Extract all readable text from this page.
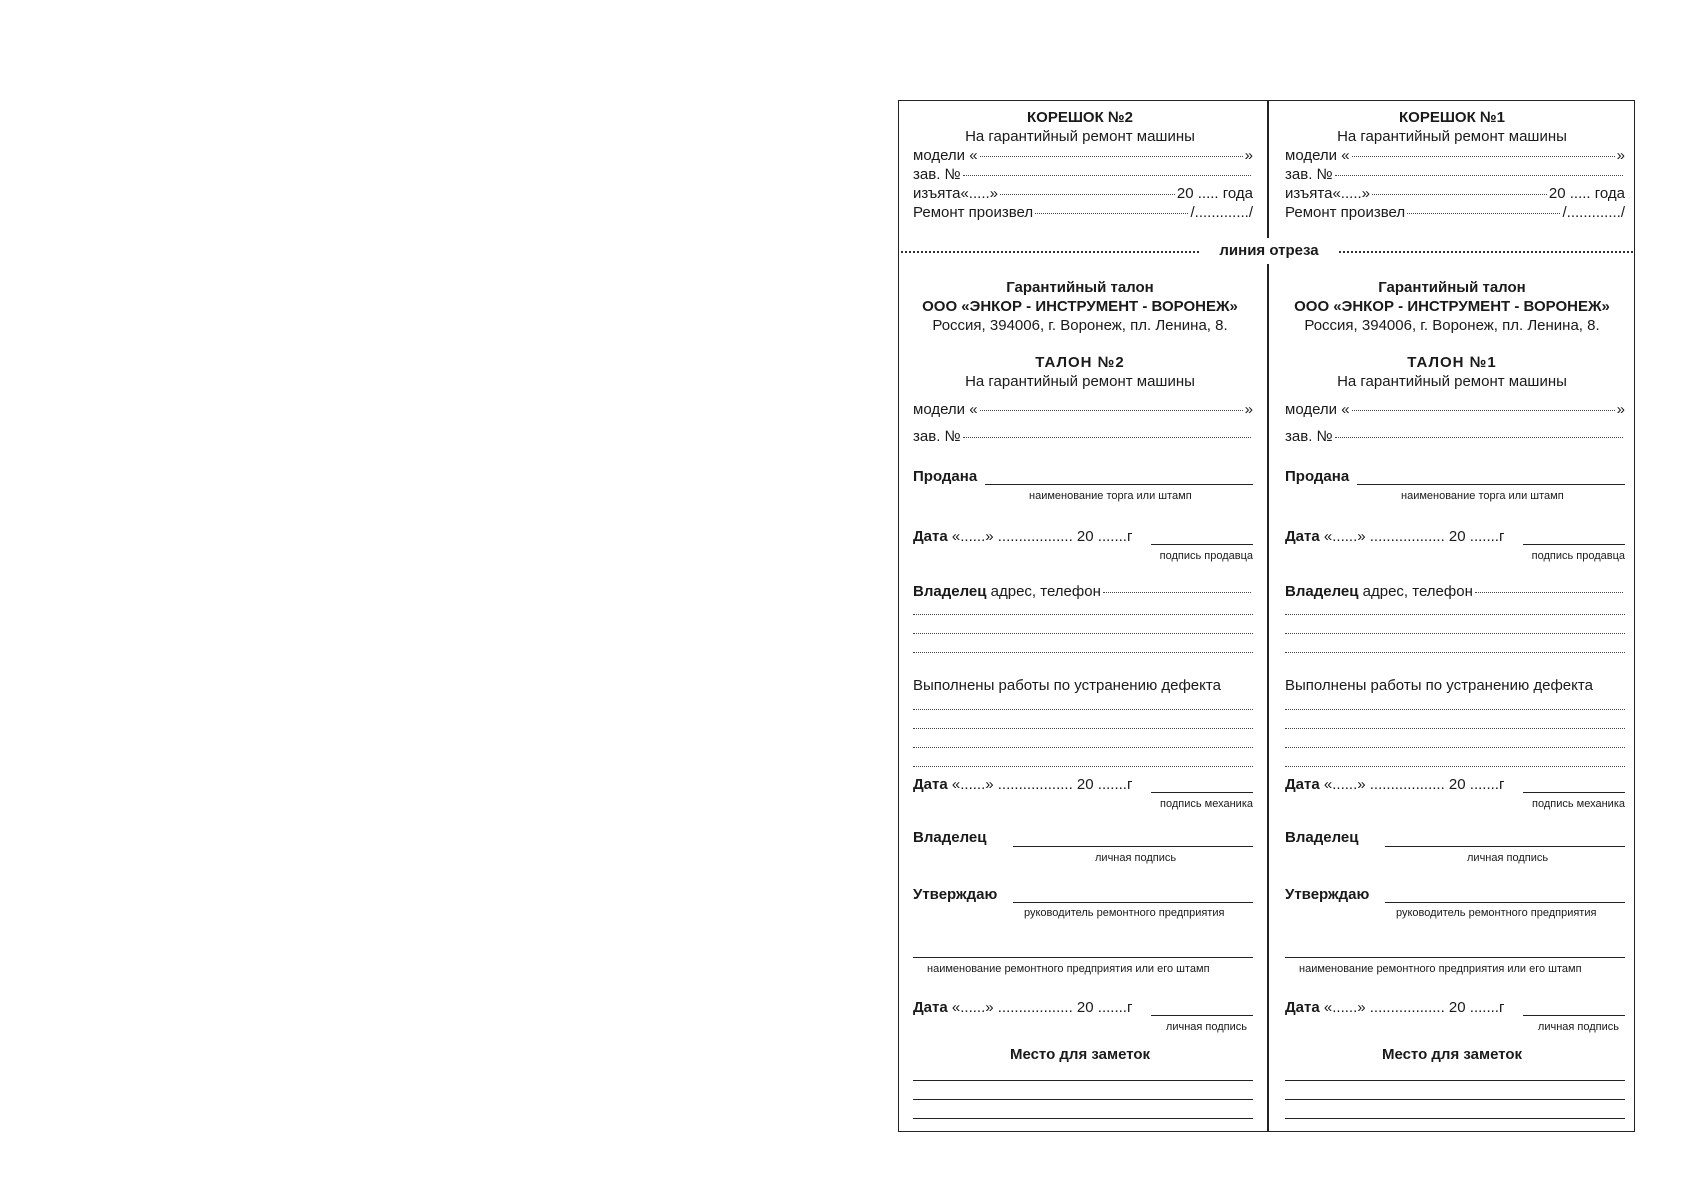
линия отреза
КОРЕШОК №2
На гарантийный ремонт машины
модели «	»
зав. №
изъята«.....»	20 ..... года
Ремонт произвел	/............./
Гарантийный талон
ООО «ЭНКОР - ИНСТРУМЕНТ - ВОРОНЕЖ»
Россия, 394006, г. Воронеж, пл. Ленина, 8.
ТАЛОН №2
На гарантийный ремонт машины
модели «	»
зав. №
Продана
наименование торга или штамп
Дата «......» .................. 20 .......г
подпись продавца
Владелец
адрес, телефон
Выполнены работы по устранению дефекта
Дата «......» .................. 20 .......г
подпись механика
Владелец
личная подпись
Утверждаю
руководитель ремонтного предприятия
наименование ремонтного предприятия или его штамп
Дата «......» .................. 20 .......г
личная подпись
Место для заметок
КОРЕШОК №1
На гарантийный ремонт машины
модели «	»
зав. №
изъята«.....»	20 ..... года
Ремонт произвел	/............./
Гарантийный талон
ООО «ЭНКОР - ИНСТРУМЕНТ - ВОРОНЕЖ»
Россия, 394006, г. Воронеж, пл. Ленина, 8.
ТАЛОН №1
На гарантийный ремонт машины
модели «	»
зав. №
Продана
наименование торга или штамп
Дата «......» .................. 20 .......г
подпись продавца
Владелец
адрес, телефон
Выполнены работы по устранению дефекта
Дата «......» .................. 20 .......г
подпись механика
Владелец
личная подпись
Утверждаю
руководитель ремонтного предприятия
наименование ремонтного предприятия или его штамп
Дата «......» .................. 20 .......г
личная подпись
Место для заметок
